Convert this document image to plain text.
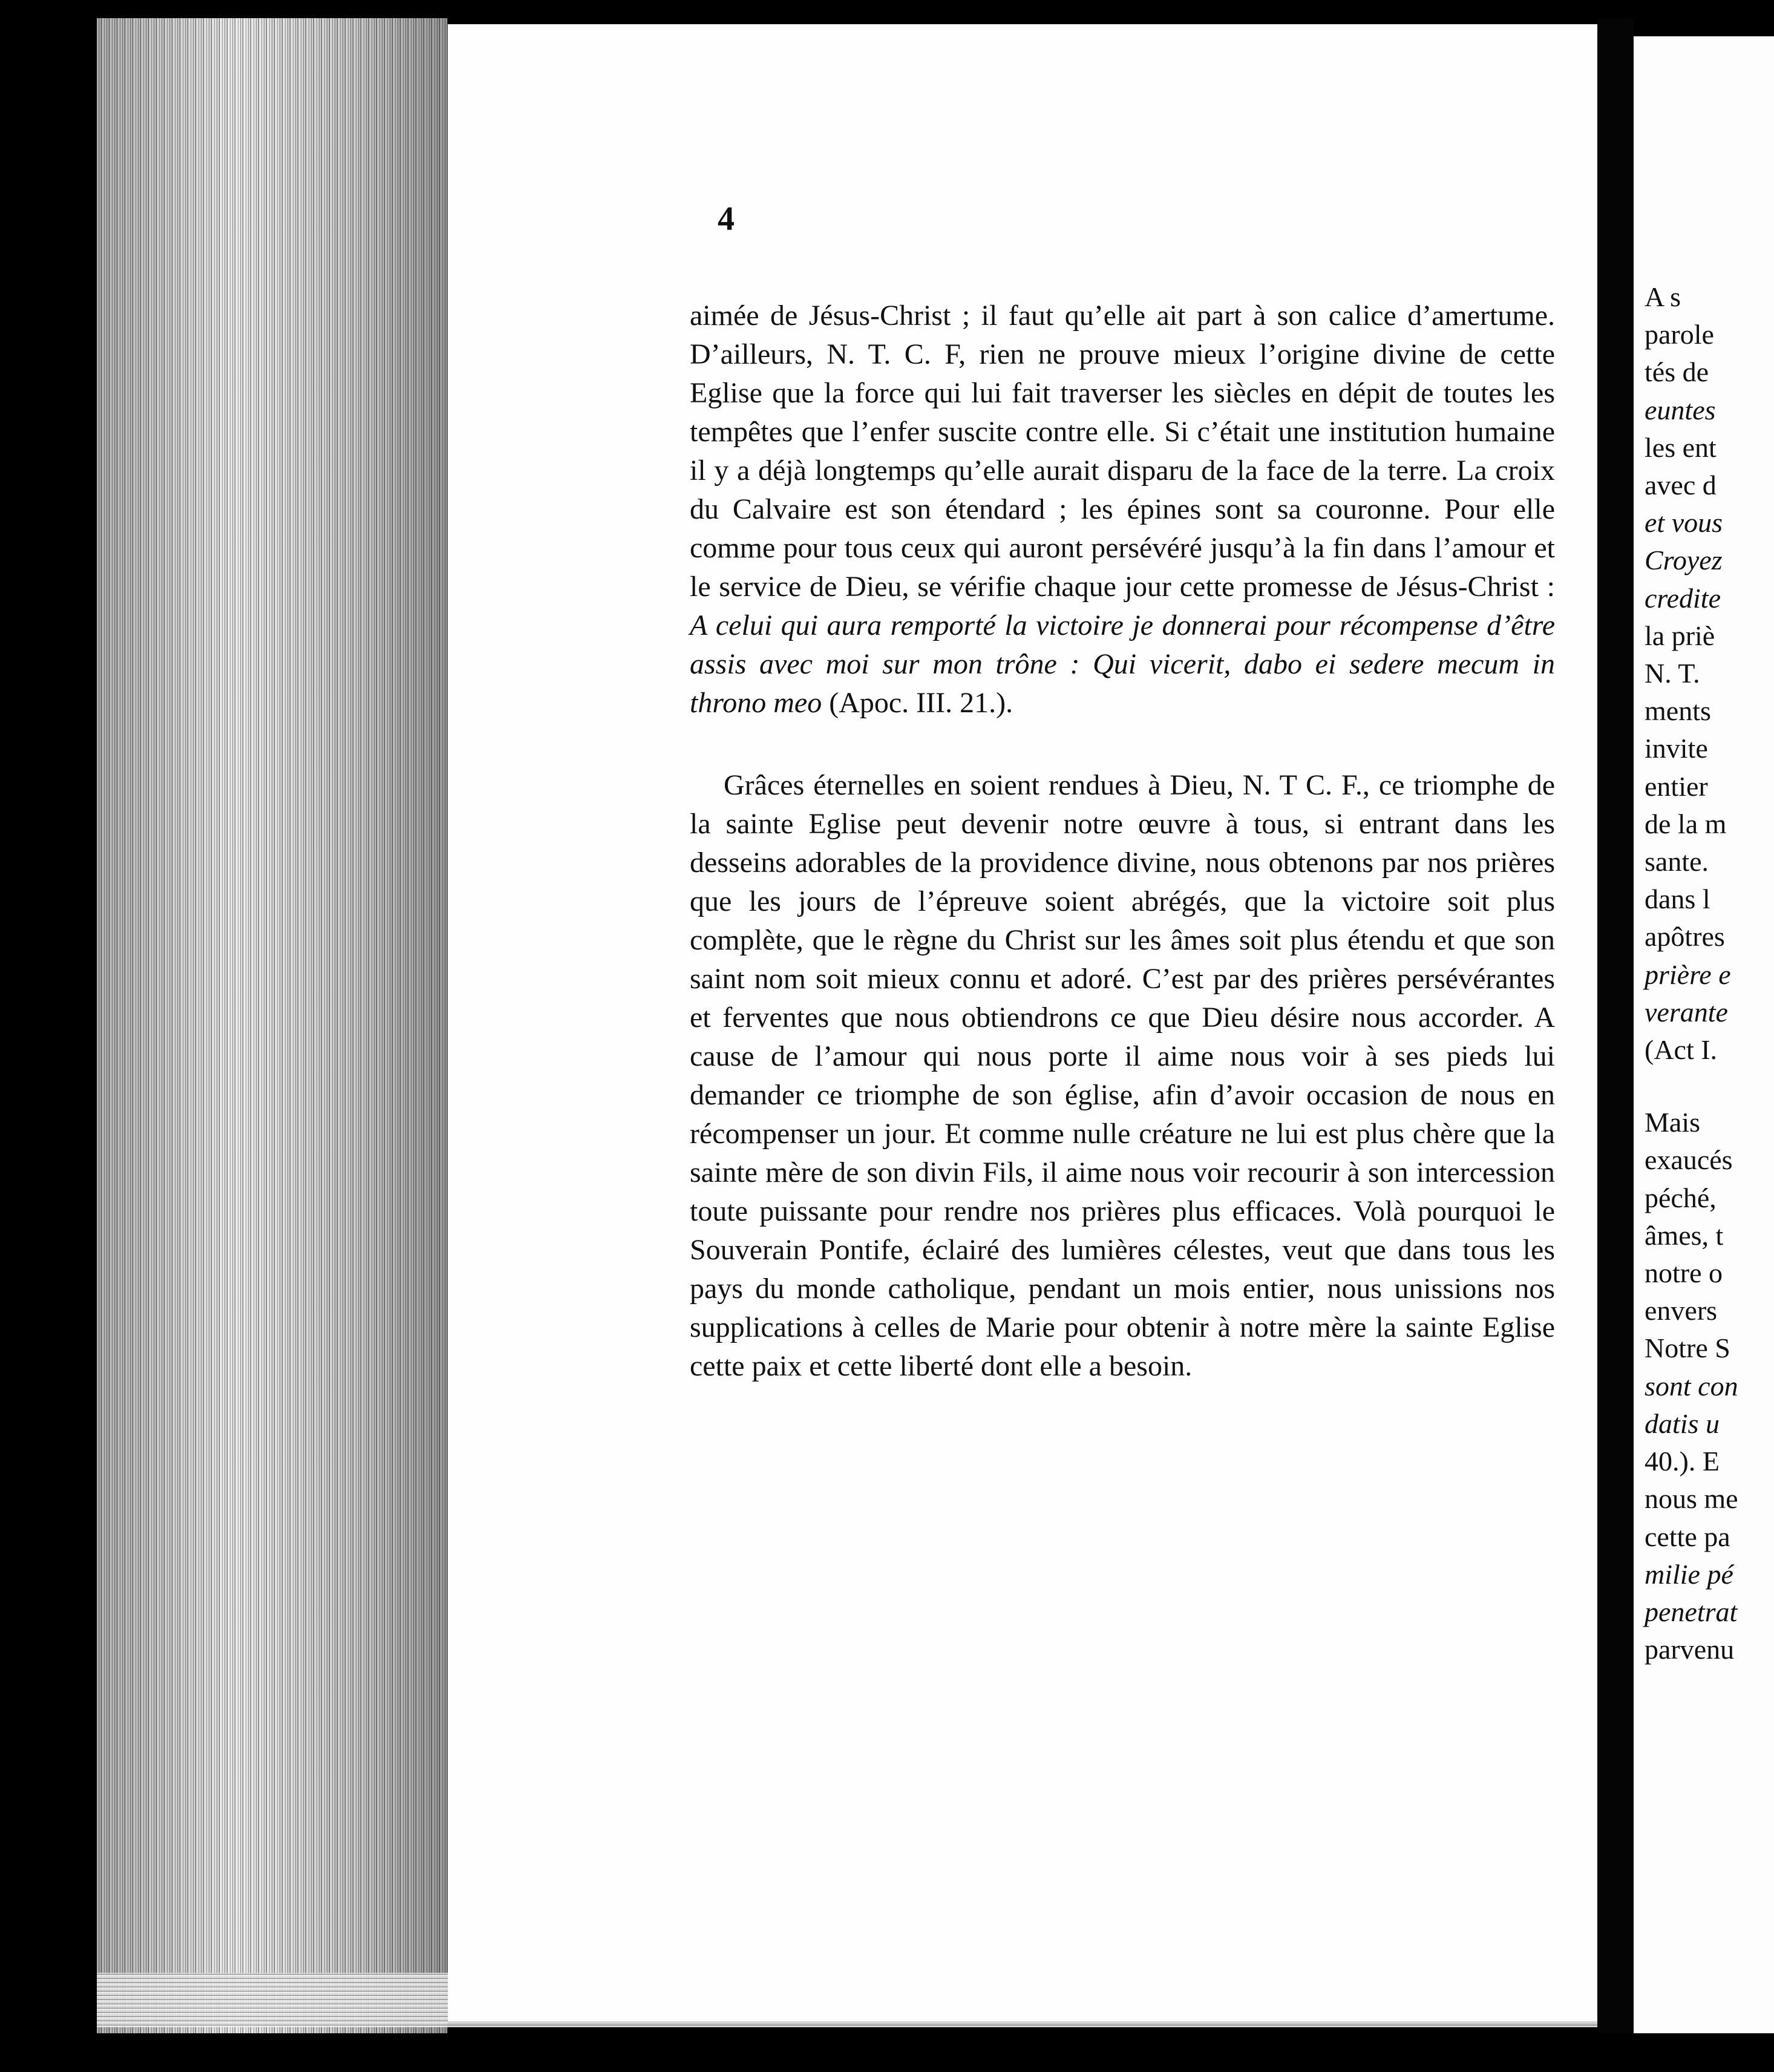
4

aimée de Jésus-Christ ; il faut qu’elle ait part à son calice d’amertume. D’ailleurs, N. T. C. F, rien ne prouve mieux l’origine divine de cette Eglise que la force qui lui fait traverser les siècles en dépit de toutes les tempêtes que l’enfer suscite contre elle. Si c’était une institution humaine il y a déjà longtemps qu’elle aurait disparu de la face de la terre. La croix du Calvaire est son étendard ; les épines sont sa couronne. Pour elle comme pour tous ceux qui auront persévéré jusqu’à la fin dans l’amour et le service de Dieu, se vérifie chaque jour cette promesse de Jésus-Christ : A celui qui aura remporté la victoire je donnerai pour récompense d’être assis avec moi sur mon trône : Qui vicerit, dabo ei sedere mecum in throno meo (Apoc. III. 21.).

Grâces éternelles en soient rendues à Dieu, N. T C. F., ce triomphe de la sainte Eglise peut devenir notre œuvre à tous, si entrant dans les desseins adorables de la providence divine, nous obtenons par nos prières que les jours de l’épreuve soient abrégés, que la victoire soit plus complète, que le règne du Christ sur les âmes soit plus étendu et que son saint nom soit mieux connu et adoré. C’est par des prières persévérantes et ferventes que nous obtiendrons ce que Dieu désire nous accorder. A cause de l’amour qui nous porte il aime nous voir à ses pieds lui demander ce triomphe de son église, afin d’avoir occasion de nous en récompenser un jour. Et comme nulle créature ne lui est plus chère que la sainte mère de son divin Fils, il aime nous voir recourir à son intercession toute puissante pour rendre nos prières plus efficaces. Volà pourquoi le Souverain Pontife, éclairé des lumières célestes, veut que dans tous les pays du monde catholique, pendant un mois entier, nous unissions nos supplications à celles de Marie pour obtenir à notre mère la sainte Eglise cette paix et cette liberté dont elle a besoin.

A s
parole
tés de
euntes
les ent
avec d
et vous
Croyez
credite
la priè
N. T.
ments
invite
entier
de la m
sante.
dans l
apôtres
prière e
verante
(Act I.
Mais
exaucés
péché,
âmes, t
notre o
envers
Notre S
sont con
datis u
40.). E
nous me
cette pa
milie pé
penetrat
parvenu
